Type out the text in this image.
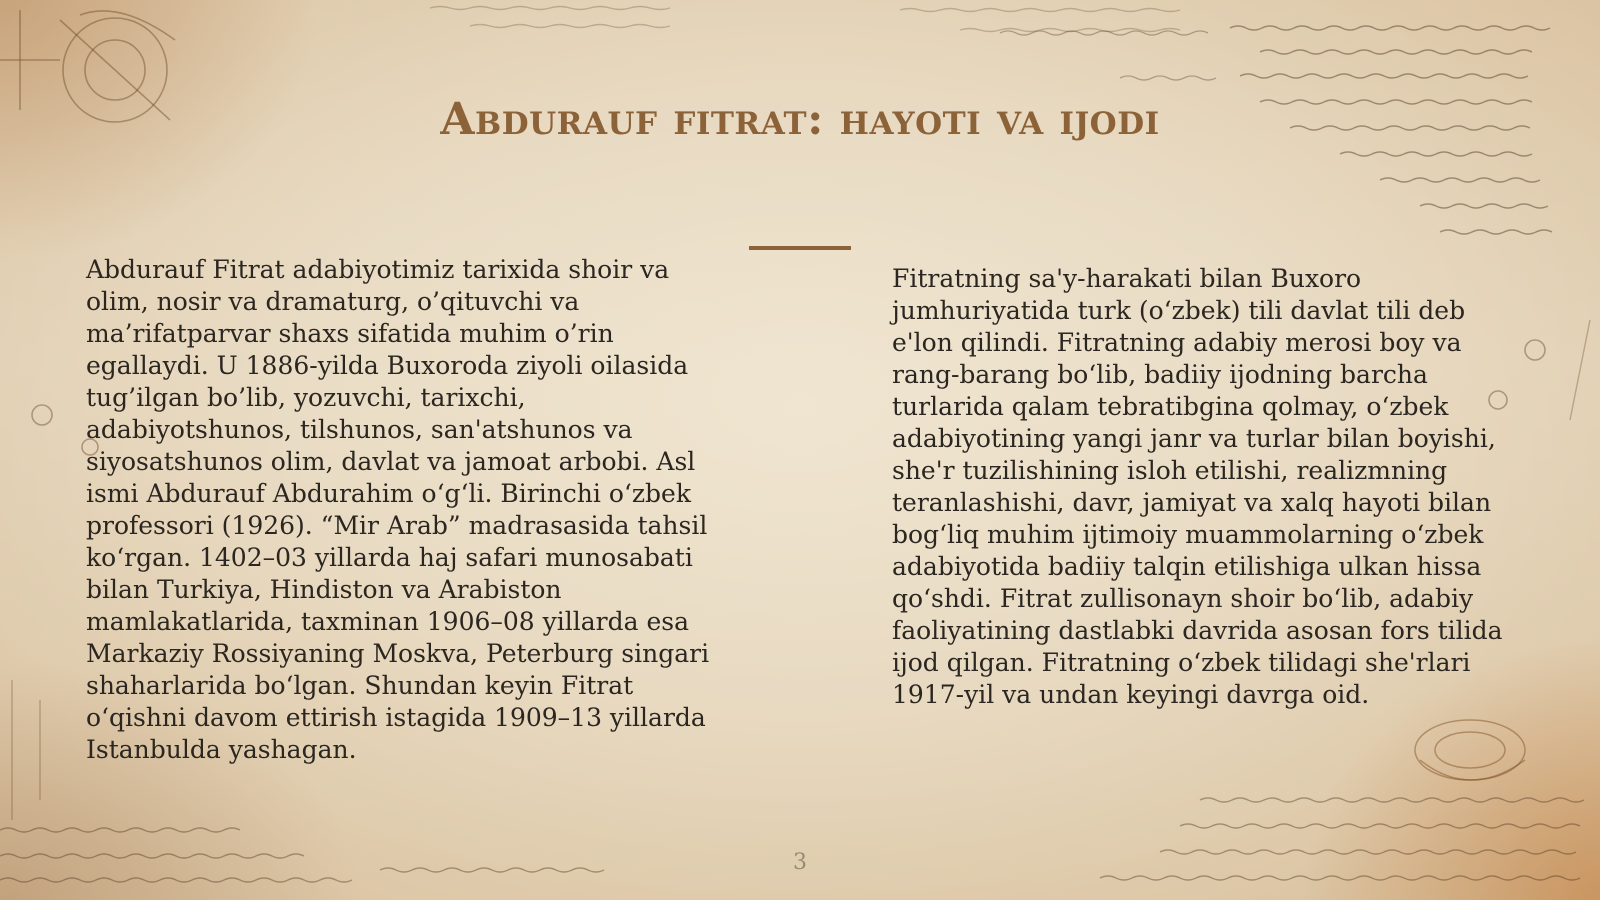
Abdurauf fitrat: hayoti va ijodi

Abdurauf Fitrat adabiyotimiz tarixida shoir va olim, nosir va dramaturg, o’qituvchi va ma’rifatparvar shaxs sifatida muhim o’rin egallaydi. U 1886-yilda Buxoroda ziyoli oilasida tug’ilgan bo’lib, yozuvchi, tarixchi, adabiyotshunos, tilshunos, san'atshunos va siyosatshunos olim, davlat va jamoat arbobi. Asl ismi Abdurauf Abdurahim o‘g‘li. Birinchi o‘zbek professori (1926). “Mir Arab” madrasasida tahsil ko‘rgan. 1402–03 yillarda haj safari munosabati bilan Turkiya, Hindiston va Arabiston mamlakatlarida, taxminan 1906–08 yillarda esa Markaziy Rossiyaning Moskva, Peterburg singari shaharlarida bo‘lgan. Shundan keyin Fitrat o‘qishni davom ettirish istagida 1909–13 yillarda Istanbulda yashagan.

Fitratning sa'y-harakati bilan Buxoro jumhuriyatida turk (o‘zbek) tili davlat tili deb e'lon qilindi. Fitratning adabiy merosi boy va rang-barang bo‘lib, badiiy ijodning barcha turlarida qalam tebratibgina qolmay, o‘zbek adabiyotining yangi janr va turlar bilan boyishi, she'r tuzilishining isloh etilishi, realizmning teranlashishi, davr, jamiyat va xalq hayoti bilan bog‘liq muhim ijtimoiy muammolarning o‘zbek adabiyotida badiiy talqin etilishiga ulkan hissa qo‘shdi. Fitrat zullisonayn shoir bo‘lib, adabiy faoliyatining dastlabki davrida asosan fors tilida ijod qilgan. Fitratning o‘zbek tilidagi she'rlari 1917-yil va undan keyingi davrga oid.

3
